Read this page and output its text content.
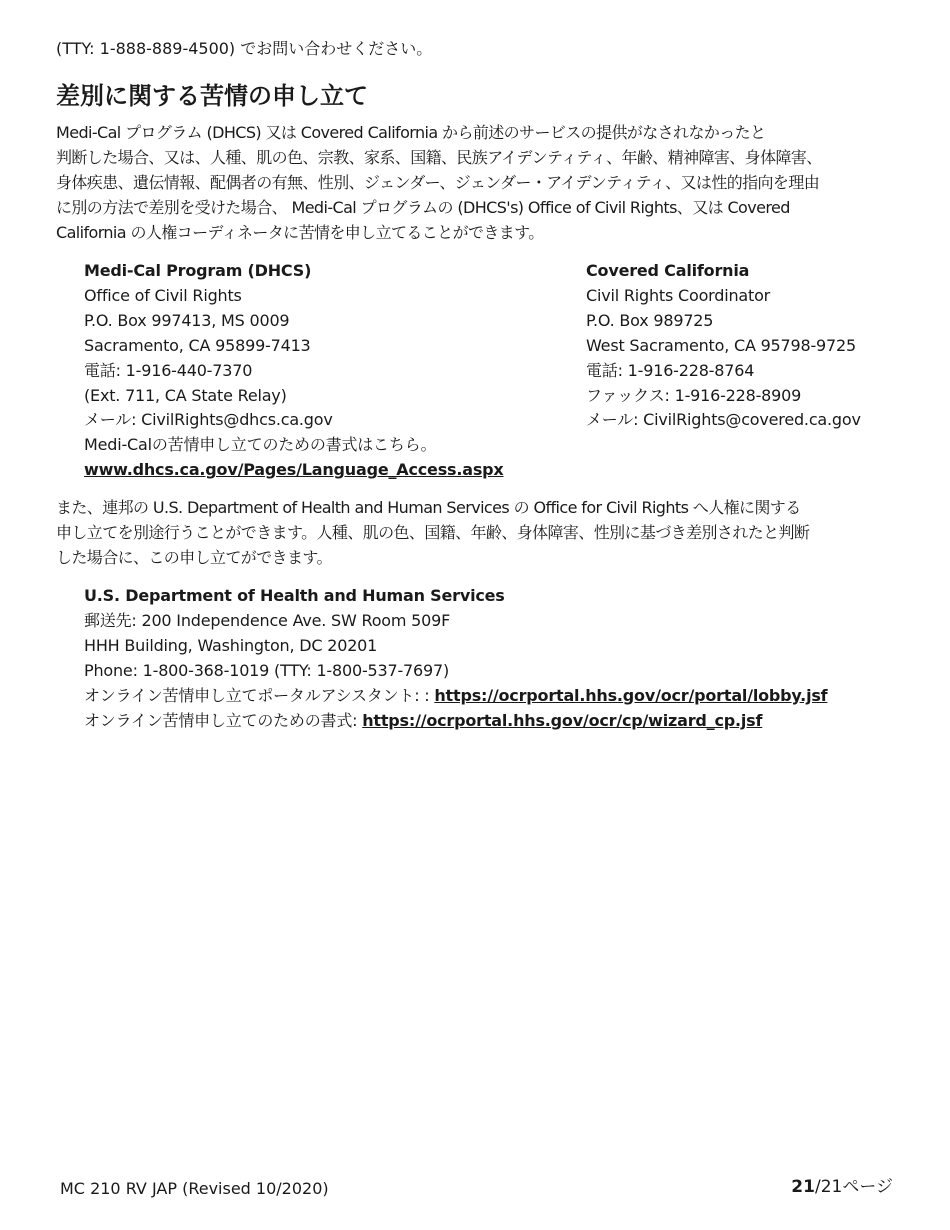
(TTY: 1-888-889-4500) でお問い合わせください。
差別に関する苦情の申し立て

Medi-Cal プログラム (DHCS) 又は Covered California から前述のサービスの提供がなされなかったと
判断した場合、又は、人種、肌の色、宗教、家系、国籍、民族アイデンティティ、年齢、精神障害、身体障害、
身体疾患、遺伝情報、配偶者の有無、性別、ジェンダー、ジェンダー・アイデンティティ、又は性的指向を理由
に別の方法で差別を受けた場合、 Medi-Cal プログラムの (DHCS's) Office of Civil Rights、又は Covered
California の人権コーディネータに苦情を申し立てることができます。

Medi-Cal Program (DHCS)
Office of Civil Rights
P.O. Box 997413, MS 0009
Sacramento, CA 95899-7413
電話: 1-916-440-7370
(Ext. 711, CA State Relay)
メール: CivilRights@dhcs.ca.gov
Medi-Calの苦情申し立てのための書式はこちら。
www.dhcs.ca.gov/Pages/Language_Access.aspx
Covered California
Civil Rights Coordinator
P.O. Box 989725
West Sacramento, CA 95798-9725
電話: 1-916-228-8764
ファックス: 1-916-228-8909
メール: CivilRights@covered.ca.gov

また、連邦の U.S. Department of Health and Human Services の Office for Civil Rights へ人権に関する
申し立てを別途行うことができます。人種、肌の色、国籍、年齢、身体障害、性別に基づき差別されたと判断
した場合に、この申し立てができます。

U.S. Department of Health and Human Services
郵送先: 200 Independence Ave. SW Room 509F
HHH Building, Washington, DC 20201
Phone: 1-800-368-1019 (TTY: 1-800-537-7697)
オンライン苦情申し立てポータルアシスタント: : https://ocrportal.hhs.gov/ocr/portal/lobby.jsf
オンライン苦情申し立てのための書式: https://ocrportal.hhs.gov/ocr/cp/wizard_cp.jsf
MC 210 RV JAP (Revised 10/2020)	21/21ページ
